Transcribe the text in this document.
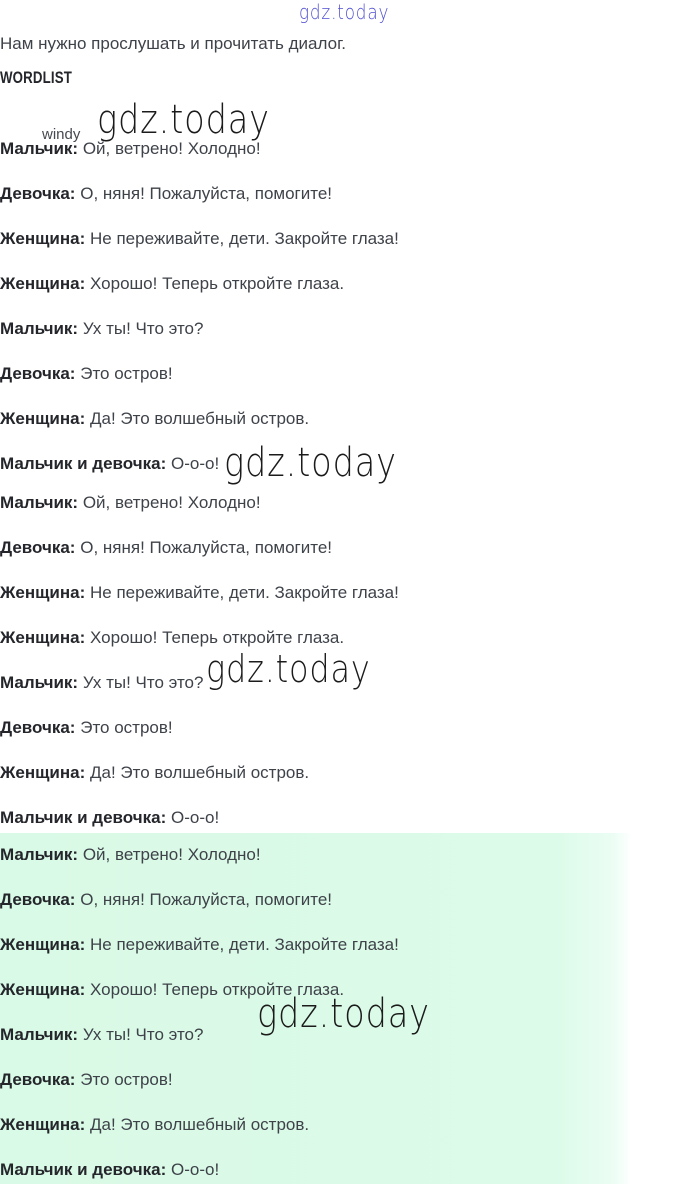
gdz.today

Нам нужно прослушать и прочитать диалог.

WORDLIST
windy gdz.today

Мальчик: Ой, ветрено! Холодно!

Девочка: О, няня! Пожалуйста, помогите!

Женщина: Не переживайте, дети. Закройте глаза!

Женщина: Хорошо! Теперь откройте глаза.

Мальчик: Ух ты! Что это?

Девочка: Это остров!

Женщина: Да! Это волшебный остров.

Мальчик и девочка: О-о-о! gdz.today

Мальчик: Ой, ветрено! Холодно!

Девочка: О, няня! Пожалуйста, помогите!

Женщина: Не переживайте, дети. Закройте глаза!

Женщина: Хорошо! Теперь откройте глаза.

Мальчик: Ух ты! Что это?

Девочка: Это остров!

Женщина: Да! Это волшебный остров.

Мальчик и девочка: О-о-о!

gdz.today

Мальчик: Ой, ветрено! Холодно!

Девочка: О, няня! Пожалуйста, помогите!

Женщина: Не переживайте, дети. Закройте глаза!

Женщина: Хорошо! Теперь откройте глаза.

Мальчик: Ух ты! Что это?

Девочка: Это остров!

Женщина: Да! Это волшебный остров.

Мальчик и девочка: О-о-о!

gdz.today
